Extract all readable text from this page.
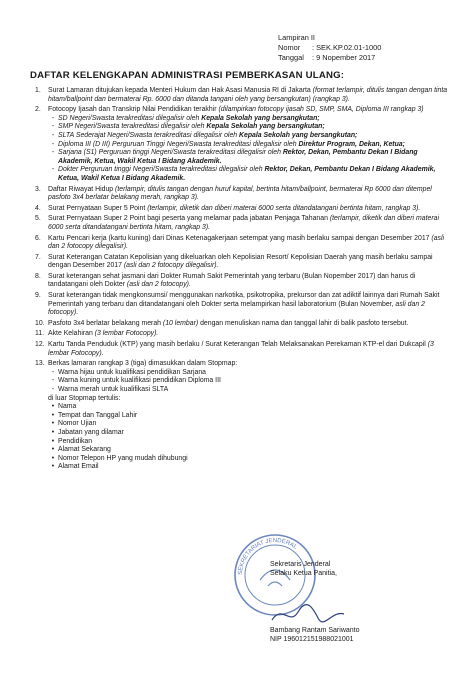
Lampiran II
Nomor	: SEK.KP.02.01-1000
Tanggal	: 9 Nopember 2017
DAFTAR KELENGKAPAN ADMINISTRASI PEMBERKASAN ULANG:
1.	Surat Lamaran ditujukan kepada Menteri Hukum dan Hak Asasi Manusia RI di Jakarta (format terlampir, ditulis tangan dengan tinta hitam/ballpoint dan bermaterai Rp. 6000 dan ditanda tangani oleh yang bersangkutan) (rangkap 3).
2.	Fotocopy Ijasah dan Transkrip Nilai Pendidikan terakhir (dilampirkan fotocopy ijasah SD, SMP, SMA, Diploma III rangkap 3)
- SD Negeri/Swasta terakreditasi dilegalisir oleh Kepala Sekolah yang bersangkutan;
- SMP Negeri/Swasta terakreditasi dilegalisir oleh Kepala Sekolah yang bersangkutan;
- SLTA Sederajat Negeri/Swasta terakreditasi dilegalisir oleh Kepala Sekolah yang bersangkutan;
- Diploma III (D III) Perguruan Tinggi Negeri/Swasta terakreditasi dilegalisir oleh Direktur Program, Dekan, Ketua;
- Sarjana (S1) Perguruan tinggi Negeri/Swasta terakreditasi dilegalisir oleh Rektor, Dekan, Pembantu Dekan I Bidang Akademik, Ketua, Wakil Ketua I Bidang Akademik.
- Dokter Perguruan tinggi Negeri/Swasta terakreditasi dilegalisir oleh Rektor, Dekan, Pembantu Dekan I Bidang Akademik, Ketua, Wakil Ketua I Bidang Akademik.
3.	Daftar Riwayat Hidup (terlampir, ditulis tangan dengan huruf kapital, bertinta hitam/ballpoint, bermaterai Rp 6000 dan ditempel pasfoto 3x4 berlatar belakang merah, rangkap 3).
4.	Surat Pernyataan Super 5 Point (terlampir, diketik dan diberi materai 6000 serta ditandatangani bertinta hitam, rangkap 3).
5.	Surat Pernyataan Super 2 Point bagi peserta yang melamar pada jabatan Penjaga Tahanan (terlampir, diketik dan diberi materai 6000 serta ditandatangani bertinta hitam, rangkap 3).
6.	Kartu Pencari kerja (kartu kuning) dari Dinas Ketenagakerjaan setempat yang masih berlaku sampai dengan Desember 2017 (asli dan 2 fotocopy dilegalisir).
7.	Surat Keterangan Catatan Kepolisian yang dikeluarkan oleh Kepolisian Resort/ Kepolisian Daerah yang masih berlaku sampai dengan Desember 2017 (asli dan 2 fotocopy dilegalisir).
8.	Surat keterangan sehat jasmani dari Dokter Rumah Sakit Pemerintah yang terbaru (Bulan Nopember 2017) dan harus di tandatangani oleh Dokter (asli dan 2 fotocopy).
9.	Surat keterangan tidak mengkonsumsi/ menggunakan narkotika, psikotropika, prekursor dan zat adiktif lainnya dari Rumah Sakit Pemerintah yang terbaru dan ditandatangani oleh Dokter serta melampirkan hasil laboratorium (Bulan November, asli dan 2 fotocopy).
10. Pasfoto 3x4 berlatar belakang merah (10 lembar) dengan menuliskan nama dan tanggal lahir di balik pasfoto tersebut.
11. Akte Kelahiran (3 lembar Fotocopy).
12. Kartu Tanda Penduduk (KTP) yang masih berlaku / Surat Keterangan Telah Melaksanakan Perekaman KTP-el dari Dukcapil (3 lembar Fotocopy).
13. Berkas lamaran rangkap 3 (tiga) dimasukkan dalam Stopmap:
- Warna hijau untuk kualifikasi pendidikan Sarjana
- Warna kuning untuk kualifikasi pendidikan Diploma III
- Warna merah untuk kualifikasi SLTA
di luar Stopmap tertulis:
• Nama
• Tempat dan Tanggal Lahir
• Nomor Ujian
• Jabatan yang dilamar
• Pendidikan
• Alamat Sekarang
• Nomor Telepon HP yang mudah dihubungi
• Alamat Email
SEKRETARIAT JENDERAL
Sekretaris Jenderal
Selaku Ketua Panitia,
Bambang Rantam Sariwanto
NIP 196012151988021001
